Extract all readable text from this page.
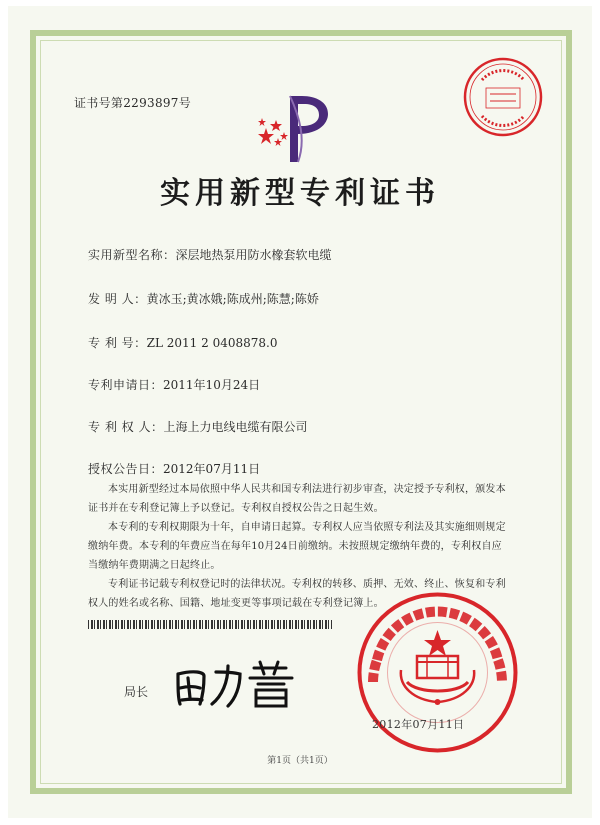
证书号第2293897号
实用新型专利证书
实用新型名称：深层地热泵用防水橡套软电缆
发 明 人：黄冰玉;黄冰娥;陈成州;陈慧;陈娇
专 利 号：ZL 2011 2 0408878.0
专利申请日：2011年10月24日
专 利 权 人：上海上力电线电缆有限公司
授权公告日：2012年07月11日

本实用新型经过本局依照中华人民共和国专利法进行初步审查，决定授予专利权，颁发本证书并在专利登记簿上予以登记。专利权自授权公告之日起生效。

本专利的专利权期限为十年，自申请日起算。专利权人应当依照专利法及其实施细则规定缴纳年费。本专利的年费应当在每年10月24日前缴纳。未按照规定缴纳年费的，专利权自应当缴纳年费期满之日起终止。

专利证书记载专利权登记时的法律状况。专利权的转移、质押、无效、终止、恢复和专利权人的姓名或名称、国籍、地址变更等事项记载在专利登记簿上。

局长
2012年07月11日
第1页（共1页）
